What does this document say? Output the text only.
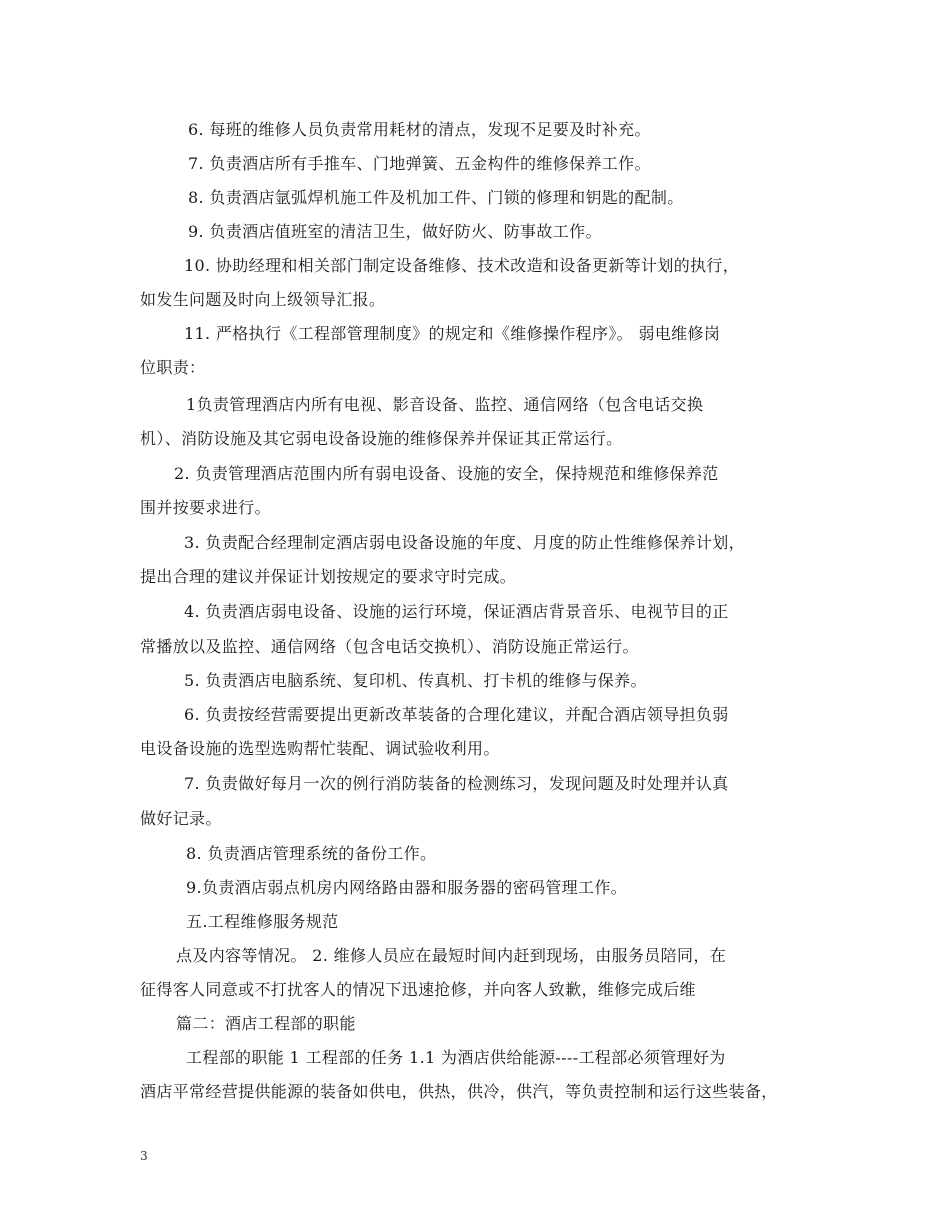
6. 每班的维修人员负责常用耗材的清点，发现不足要及时补充。
7. 负责酒店所有手推车、门地弹簧、五金构件的维修保养工作。
8. 负责酒店氩弧焊机施工件及机加工件、门锁的修理和钥匙的配制。
9. 负责酒店值班室的清洁卫生，做好防火、防事故工作。
10. 协助经理和相关部门制定设备维修、技术改造和设备更新等计划的执行，
如发生问题及时向上级领导汇报。
11. 严格执行《工程部管理制度》的规定和《维修操作程序》。 弱电维修岗
位职责：
1负责管理酒店内所有电视、影音设备、监控、通信网络（包含电话交换
机）、消防设施及其它弱电设备设施的维修保养并保证其正常运行。
2. 负责管理酒店范围内所有弱电设备、设施的安全，保持规范和维修保养范
围并按要求进行。
3. 负责配合经理制定酒店弱电设备设施的年度、月度的防止性维修保养计划，
提出合理的建议并保证计划按规定的要求守时完成。
4. 负责酒店弱电设备、设施的运行环境，保证酒店背景音乐、电视节目的正
常播放以及监控、通信网络（包含电话交换机）、消防设施正常运行。
5. 负责酒店电脑系统、复印机、传真机、打卡机的维修与保养。
6. 负责按经营需要提出更新改革装备的合理化建议，并配合酒店领导担负弱
电设备设施的选型选购帮忙装配、调试验收利用。
7. 负责做好每月一次的例行消防装备的检测练习，发现问题及时处理并认真
做好记录。
8. 负责酒店管理系统的备份工作。
9.负责酒店弱点机房内网络路由器和服务器的密码管理工作。
五.工程维修服务规范
点及内容等情况。 2. 维修人员应在最短时间内赶到现场，由服务员陪同，在
征得客人同意或不打扰客人的情况下迅速抢修，并向客人致歉，维修完成后维
篇二：酒店工程部的职能
工程部的职能 1 工程部的任务 1.1 为酒店供给能源----工程部必须管理好为
酒店平常经营提供能源的装备如供电，供热，供冷，供汽，等负责控制和运行这些装备，
3
